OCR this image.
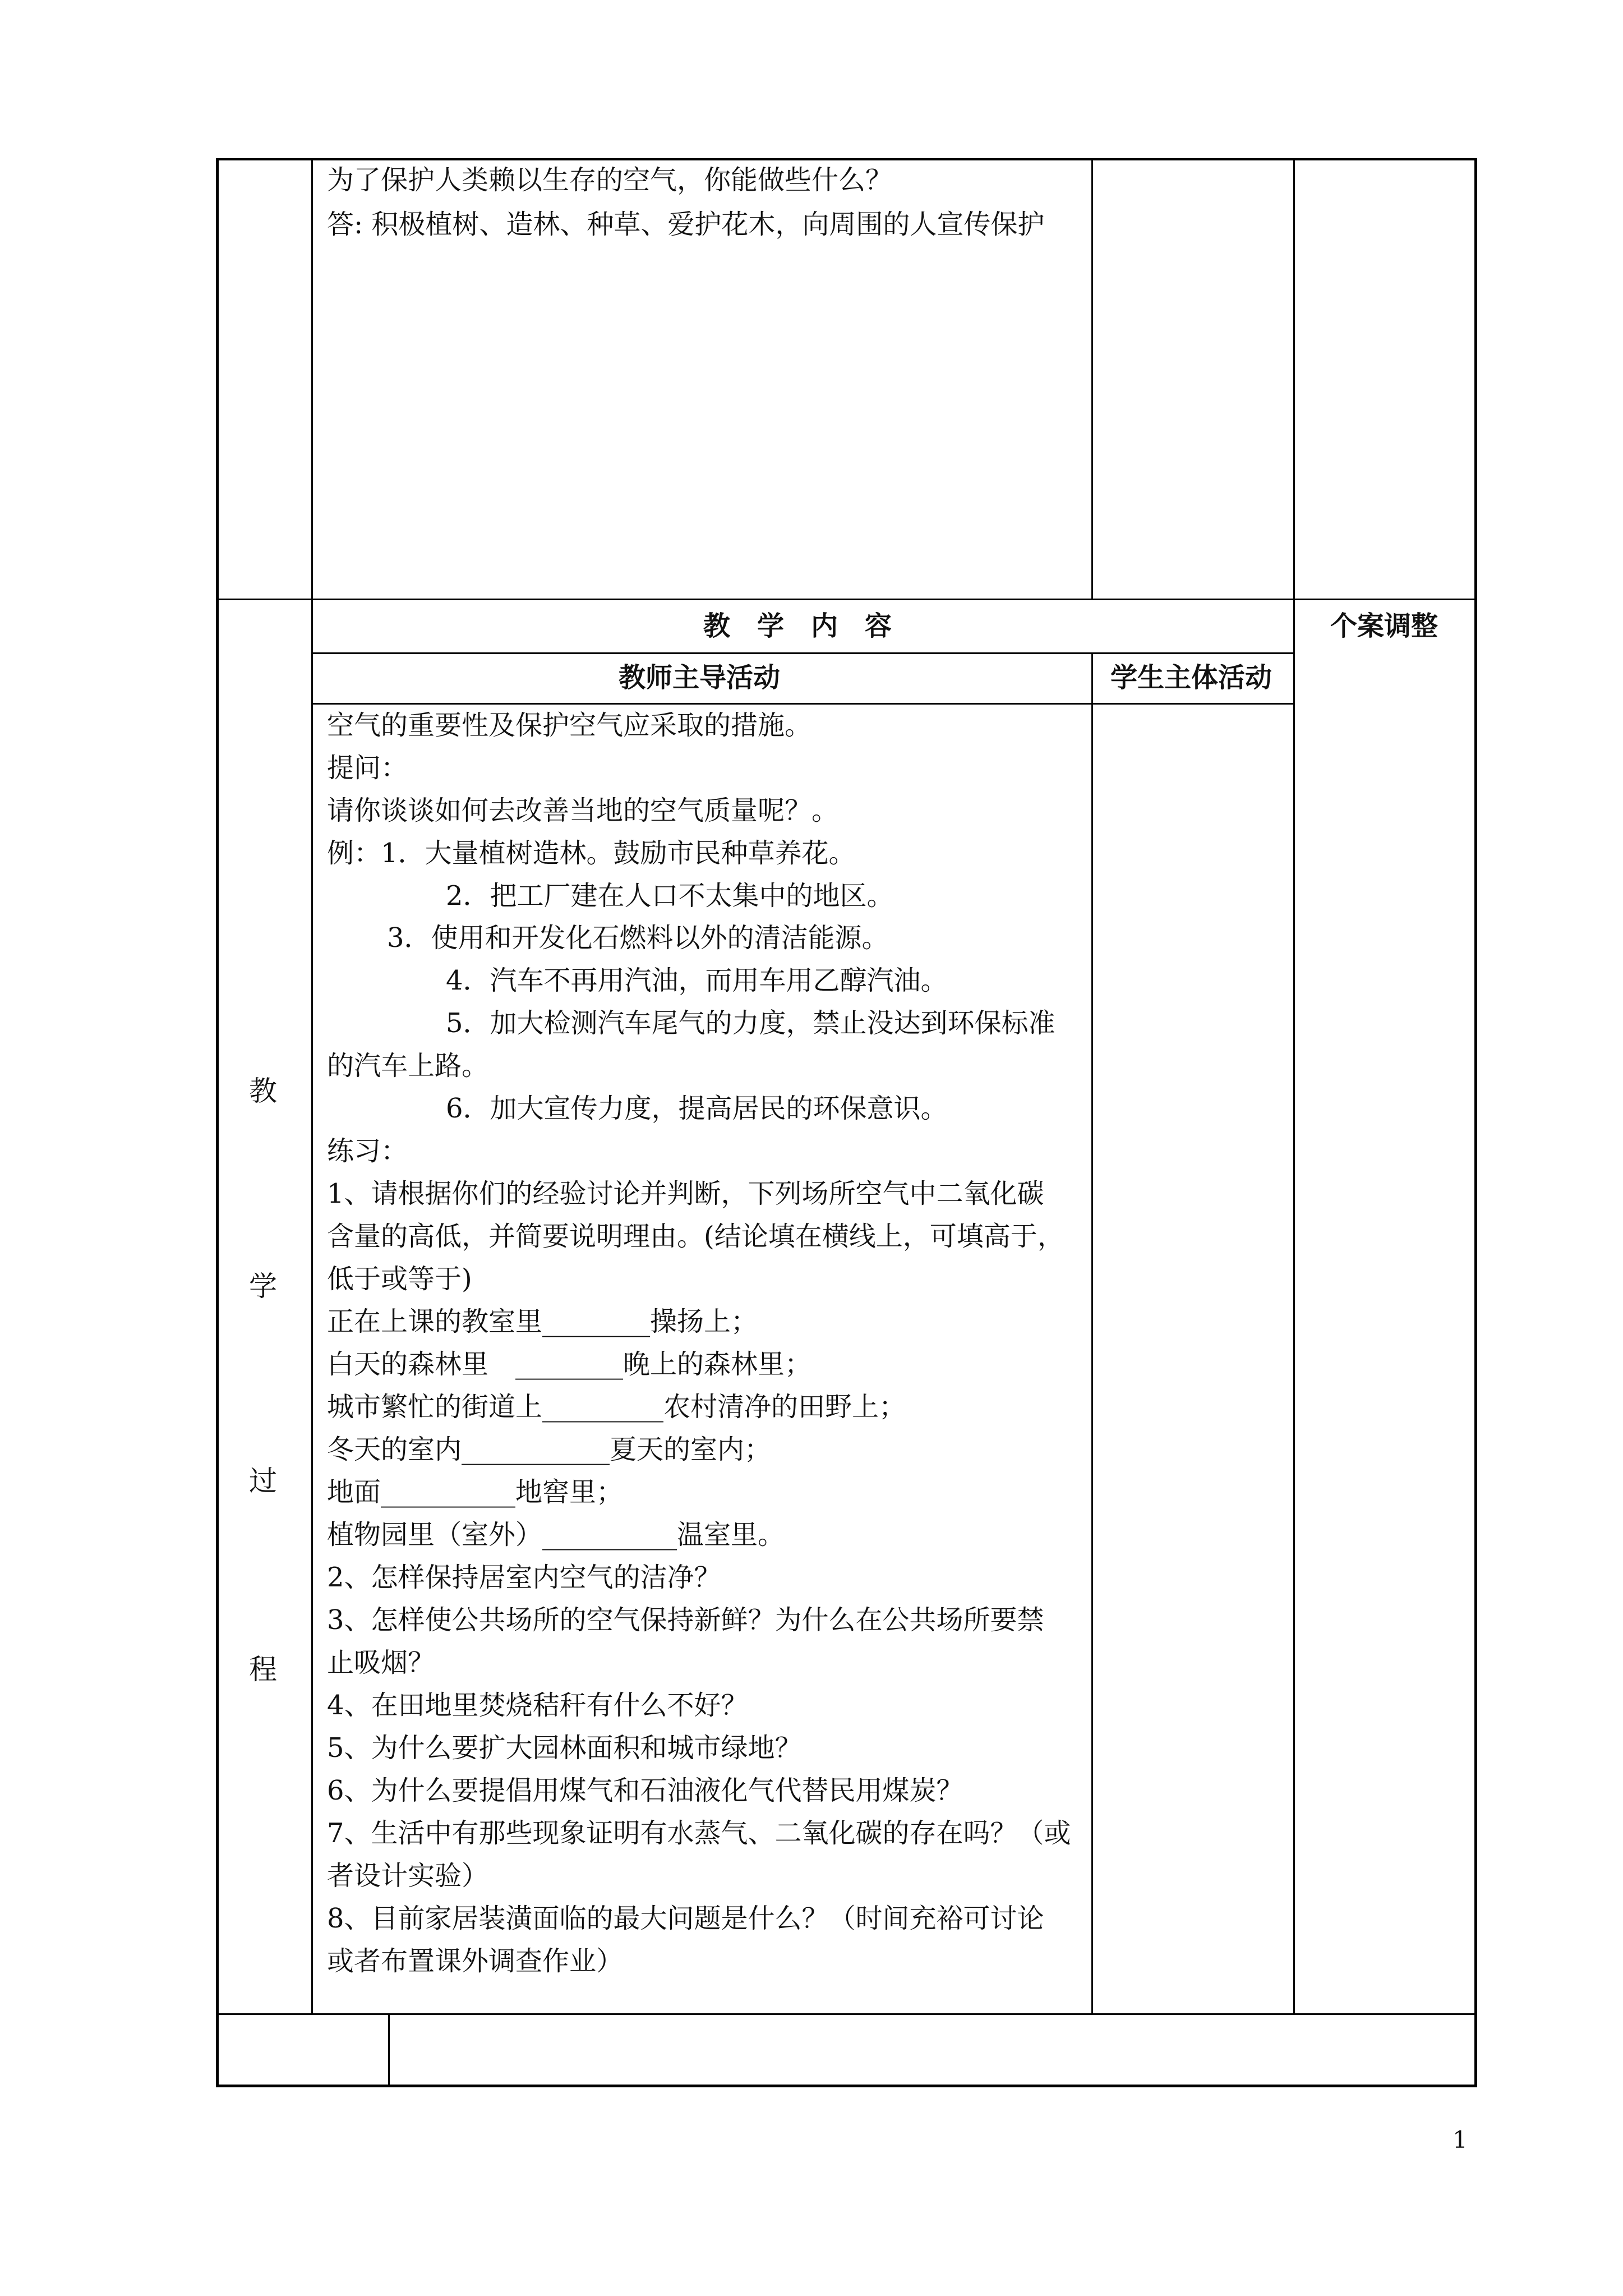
为了保护人类赖以生存的空气，你能做些什么？
答: 积极植树、造林、种草、爱护花木，向周围的人宣传保护
教　学　内　容	个案调整
教师主导活动	学生主体活动
教
学
过
程
空气的重要性及保护空气应采取的措施。
提问：
请你谈谈如何去改善当地的空气质量呢？。
例：1．大量植树造林。鼓励市民种草养花。
2．把工厂建在人口不太集中的地区。
3．使用和开发化石燃料以外的清洁能源。
4．汽车不再用汽油，而用车用乙醇汽油。
5．加大检测汽车尾气的力度，禁止没达到环保标准
的汽车上路。
6．加大宣传力度，提高居民的环保意识。
练习：
1、请根据你们的经验讨论并判断，下列场所空气中二氧化碳
含量的高低，并简要说明理由。(结论填在横线上，可填高于，
低于或等于)
正在上课的教室里________操扬上；
白天的森林里　________晚上的森林里；
城市繁忙的街道上_________农村清净的田野上；
冬天的室内___________夏天的室内；
地面__________地窖里；
植物园里（室外）__________温室里。
2、怎样保持居室内空气的洁净？
3、怎样使公共场所的空气保持新鲜？为什么在公共场所要禁
止吸烟？
4、在田地里焚烧秸秆有什么不好？
5、为什么要扩大园林面积和城市绿地？
6、为什么要提倡用煤气和石油液化气代替民用煤炭？
7、生活中有那些现象证明有水蒸气、二氧化碳的存在吗？（或
者设计实验）
8、目前家居装潢面临的最大问题是什么？（时间充裕可讨论
或者布置课外调查作业）
1
